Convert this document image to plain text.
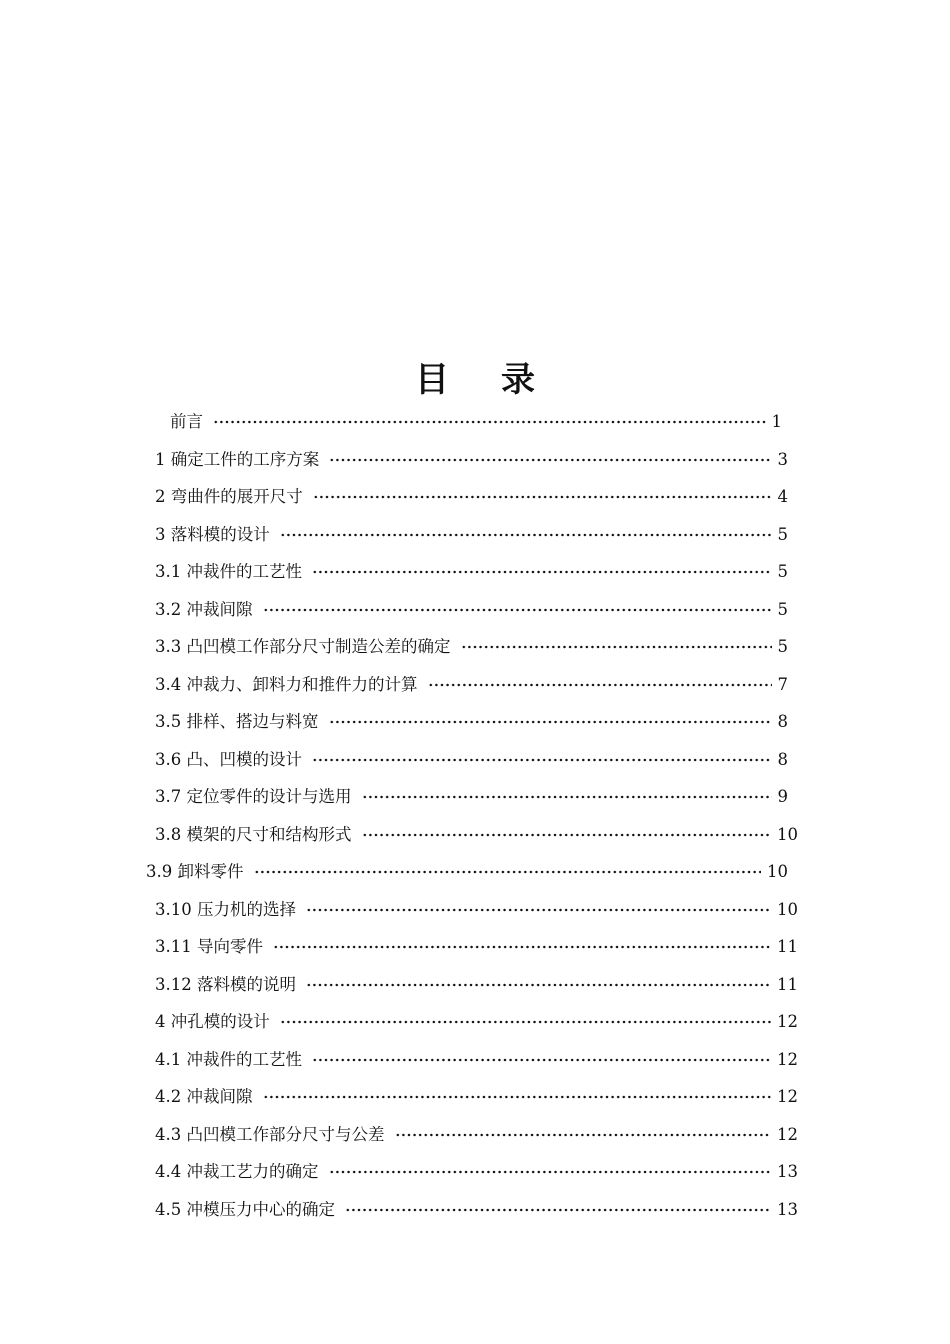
目 录
前言	1
1 确定工件的工序方案	3
2 弯曲件的展开尺寸	4
3 落料模的设计	5
3.1 冲裁件的工艺性	5
3.2 冲裁间隙	5
3.3 凸凹模工作部分尺寸制造公差的确定	5
3.4 冲裁力、卸料力和推件力的计算	7
3.5 排样、搭边与料宽	8
3.6 凸、凹模的设计	8
3.7 定位零件的设计与选用	9
3.8 模架的尺寸和结构形式	10
3.9 卸料零件	10
3.10 压力机的选择	10
3.11 导向零件	11
3.12 落料模的说明	11
4 冲孔模的设计	12
4.1 冲裁件的工艺性	12
4.2 冲裁间隙	12
4.3 凸凹模工作部分尺寸与公差	12
4.4 冲裁工艺力的确定	13
4.5 冲模压力中心的确定	13
